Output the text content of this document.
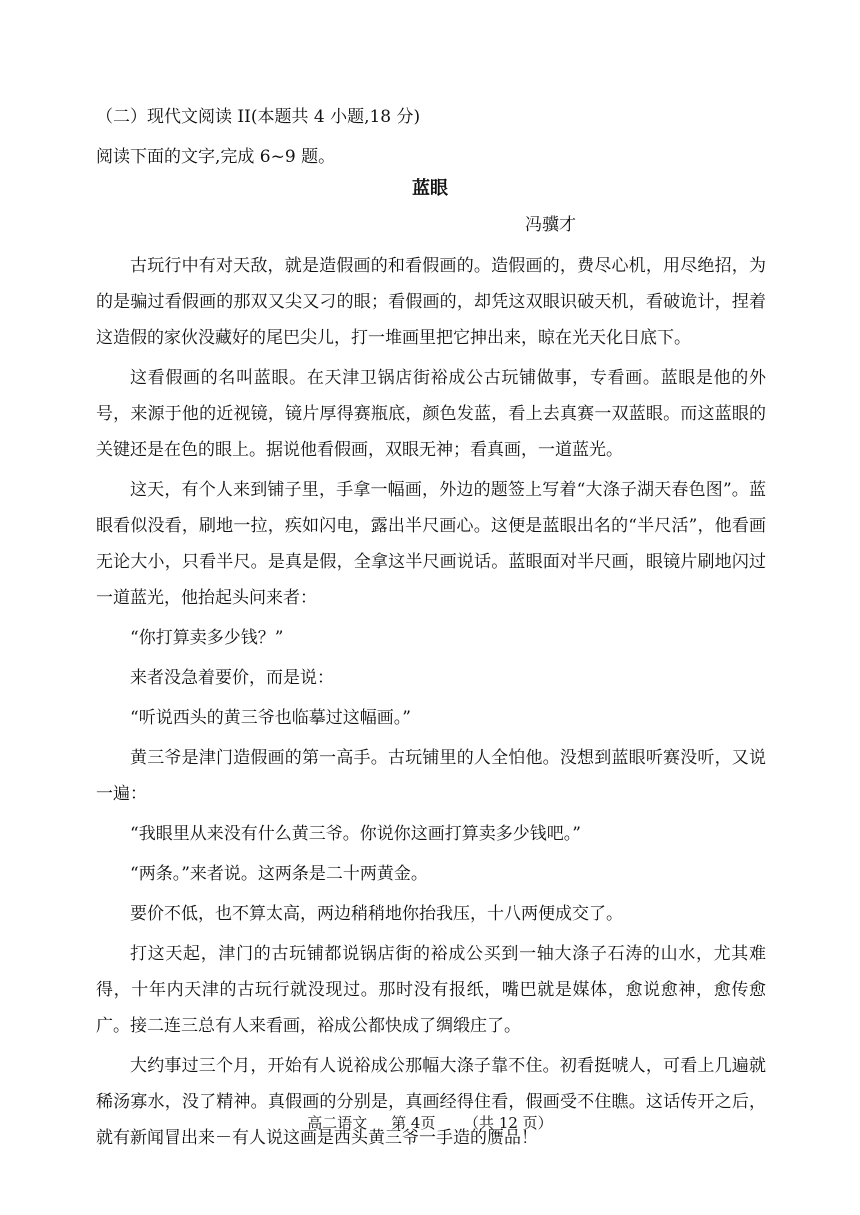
（二）现代文阅读 II(本题共 4 小题,18 分)
阅读下面的文字,完成 6~9 题。
蓝眼
冯骥才

古玩行中有对天敌，就是造假画的和看假画的。造假画的，费尽心机，用尽绝招，为的是骗过看假画的那双又尖又刁的眼；看假画的，却凭这双眼识破天机，看破诡计，捏着这造假的家伙没藏好的尾巴尖儿，打一堆画里把它抻出来，晾在光天化日底下。

这看假画的名叫蓝眼。在天津卫锅店街裕成公古玩铺做事，专看画。蓝眼是他的外号，来源于他的近视镜，镜片厚得赛瓶底，颜色发蓝，看上去真赛一双蓝眼。而这蓝眼的关键还是在色的眼上。据说他看假画，双眼无神；看真画，一道蓝光。

这天，有个人来到铺子里，手拿一幅画，外边的题签上写着“大涤子湖天春色图”。蓝眼看似没看，刷地一拉，疾如闪电，露出半尺画心。这便是蓝眼出名的“半尺活”，他看画无论大小，只看半尺。是真是假，全拿这半尺画说话。蓝眼面对半尺画，眼镜片刷地闪过一道蓝光，他抬起头问来者：

“你打算卖多少钱？”

来者没急着要价，而是说：

“听说西头的黄三爷也临摹过这幅画。”

黄三爷是津门造假画的第一高手。古玩铺里的人全怕他。没想到蓝眼听赛没听，又说一遍：

“我眼里从来没有什么黄三爷。你说你这画打算卖多少钱吧。”

“两条。”来者说。这两条是二十两黄金。

要价不低，也不算太高，两边稍稍地你抬我压，十八两便成交了。

打这天起，津门的古玩铺都说锅店街的裕成公买到一轴大涤子石涛的山水，尤其难得，十年内天津的古玩行就没现过。那时没有报纸，嘴巴就是媒体，愈说愈神，愈传愈广。接二连三总有人来看画，裕成公都快成了绸缎庄了。

大约事过三个月，开始有人说裕成公那幅大涤子靠不住。初看挺唬人，可看上几遍就稀汤寡水，没了精神。真假画的分别是，真画经得住看，假画受不住瞧。这话传开之后，就有新闻冒出来－有人说这画是西头黄三爷一手造的赝品！

高二语文     第 4页      （共 12 页）
